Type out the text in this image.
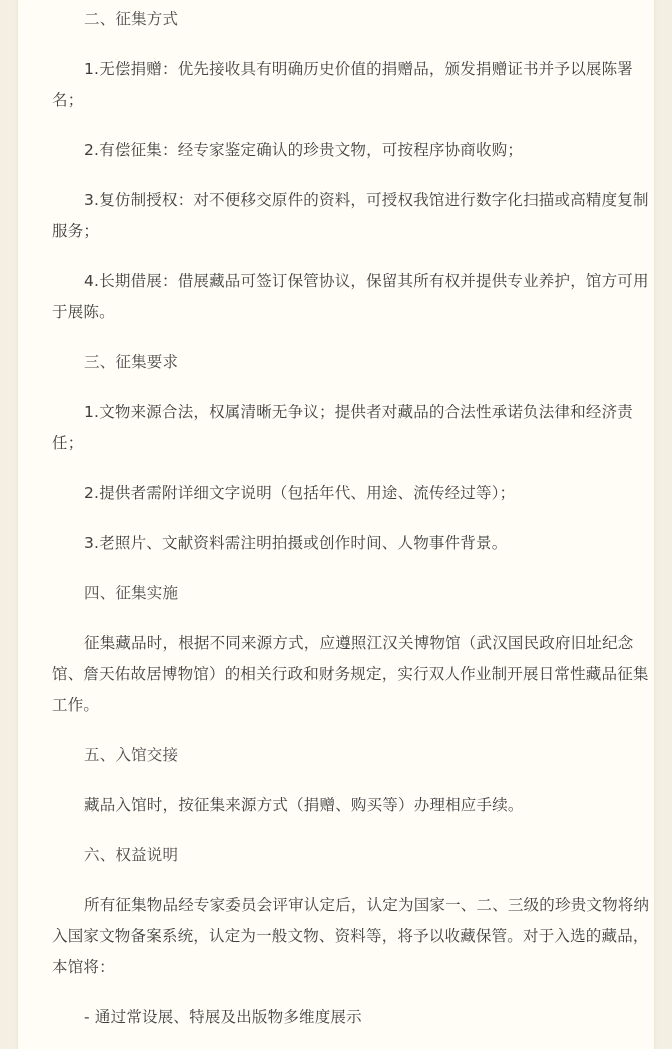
二、征集方式

1.无偿捐赠：优先接收具有明确历史价值的捐赠品，颁发捐赠证书并予以展陈署名；

2.有偿征集：经专家鉴定确认的珍贵文物，可按程序协商收购；

3.复仿制授权：对不便移交原件的资料，可授权我馆进行数字化扫描或高精度复制服务；

4.长期借展：借展藏品可签订保管协议，保留其所有权并提供专业养护，馆方可用于展陈。

三、征集要求

1.文物来源合法，权属清晰无争议；提供者对藏品的合法性承诺负法律和经济责任；

2.提供者需附详细文字说明（包括年代、用途、流传经过等）；

3.老照片、文献资料需注明拍摄或创作时间、人物事件背景。

四、征集实施

征集藏品时，根据不同来源方式，应遵照江汉关博物馆（武汉国民政府旧址纪念馆、詹天佑故居博物馆）的相关行政和财务规定，实行双人作业制开展日常性藏品征集工作。

五、入馆交接

藏品入馆时，按征集来源方式（捐赠、购买等）办理相应手续。

六、权益说明

所有征集物品经专家委员会评审认定后，认定为国家一、二、三级的珍贵文物将纳入国家文物备案系统，认定为一般文物、资料等，将予以收藏保管。对于入选的藏品，本馆将：

- 通过常设展、特展及出版物多维度展示
